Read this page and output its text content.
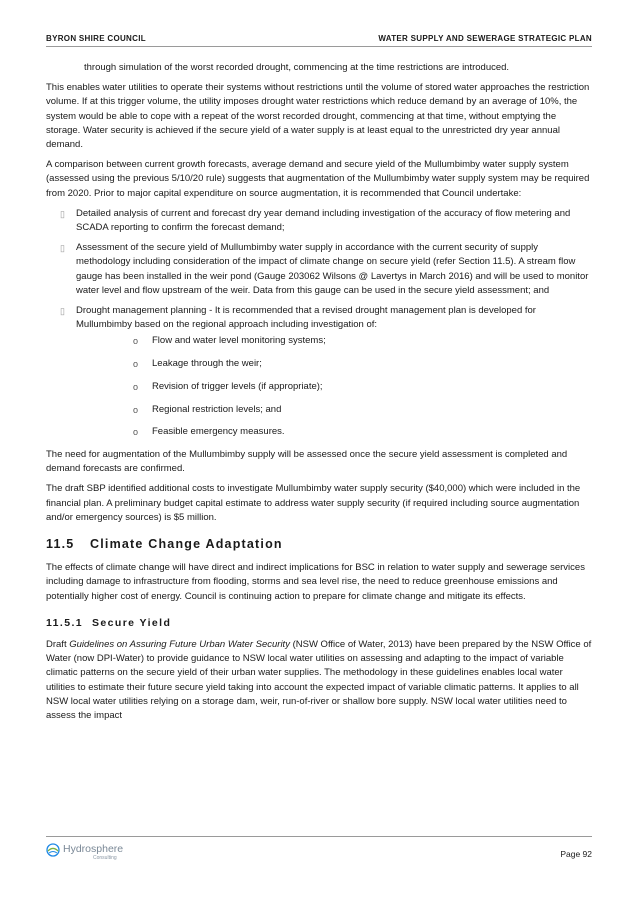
BYRON SHIRE COUNCIL	WATER SUPPLY AND SEWERAGE STRATEGIC PLAN

through simulation of the worst recorded drought, commencing at the time restrictions are introduced.

This enables water utilities to operate their systems without restrictions until the volume of stored water approaches the restriction volume. If at this trigger volume, the utility imposes drought water restrictions which reduce demand by an average of 10%, the system would be able to cope with a repeat of the worst recorded drought, commencing at that time, without emptying the storage. Water security is achieved if the secure yield of a water supply is at least equal to the unrestricted dry year annual demand.

A comparison between current growth forecasts, average demand and secure yield of the Mullumbimby water supply system (assessed using the previous 5/10/20 rule) suggests that augmentation of the Mullumbimby water supply system may be required from 2020. Prior to major capital expenditure on source augmentation, it is recommended that Council undertake:

▯ Detailed analysis of current and forecast dry year demand including investigation of the accuracy of flow metering and SCADA reporting to confirm the forecast demand;
▯ Assessment of the secure yield of Mullumbimby water supply in accordance with the current security of supply methodology including consideration of the impact of climate change on secure yield (refer Section 11.5). A stream flow gauge has been installed in the weir pond (Gauge 203062 Wilsons @ Lavertys in March 2016) and will be used to monitor water level and flow upstream of the weir. Data from this gauge can be used in the secure yield assessment; and
▯ Drought management planning - It is recommended that a revised drought management plan is developed for Mullumbimby based on the regional approach including investigation of:
o Flow and water level monitoring systems;
o Leakage through the weir;
o Revision of trigger levels (if appropriate);
o Regional restriction levels; and
o Feasible emergency measures.

The need for augmentation of the Mullumbimby supply will be assessed once the secure yield assessment is completed and demand forecasts are confirmed.

The draft SBP identified additional costs to investigate Mullumbimby water supply security ($40,000) which were included in the financial plan. A preliminary budget capital estimate to address water supply security (if required including source augmentation and/or emergency sources) is $5 million.

11.5 Climate Change Adaptation

The effects of climate change will have direct and indirect implications for BSC in relation to water supply and sewerage services including damage to infrastructure from flooding, storms and sea level rise, the need to reduce greenhouse emissions and potentially higher cost of energy. Council is continuing action to prepare for climate change and mitigate its effects.

11.5.1 Secure Yield

Draft Guidelines on Assuring Future Urban Water Security (NSW Office of Water, 2013) have been prepared by the NSW Office of Water (now DPI-Water) to provide guidance to NSW local water utilities on assessing and adapting to the impact of variable climatic patterns on the secure yield of their urban water supplies. The methodology in these guidelines enables local water utilities to estimate their future secure yield taking into account the expected impact of variable climatic patterns. It applies to all NSW local water utilities relying on a storage dam, weir, run-of-river or shallow bore supply. NSW local water utilities need to assess the impact

Hydrosphere
Consulting	Page 92
